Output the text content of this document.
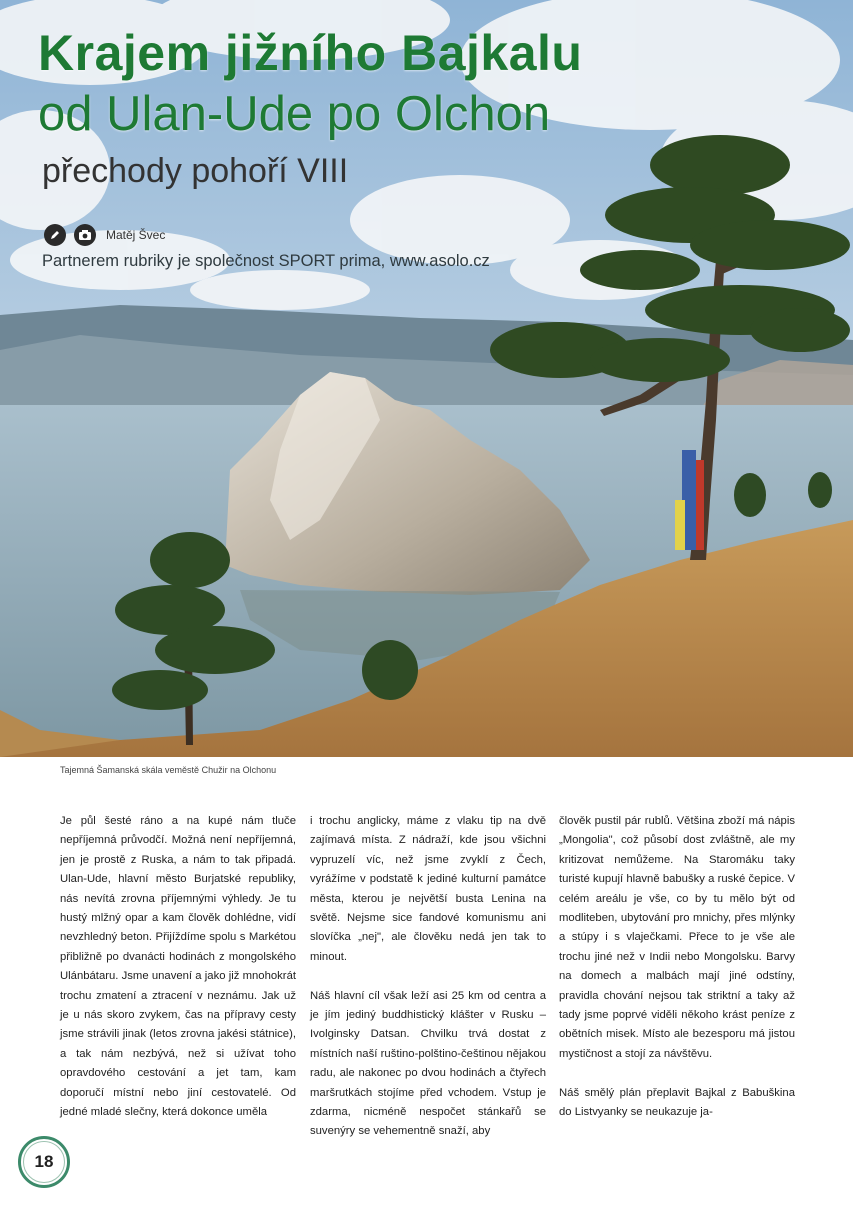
Krajem jižního Bajkalu
od Ulan-Ude po Olchon
přechody pohoří VIII
Matěj Švec
Partnerem rubriky je společnost SPORT prima, www.asolo.cz
Tajemná Šamanská skála veměstě Chužir na Olchonu

Je půl šesté ráno a na kupé nám tluče nepříjemná průvodčí. Možná není nepříjemná, jen je prostě z Ruska, a nám to tak připadá. Ulan-Ude, hlavní město Burjatské republiky, nás nevítá zrovna příjemnými výhledy. Je tu hustý mlžný opar a kam člověk dohlédne, vidí nevzhledný beton. Přijíždíme spolu s Markétou přibližně po dvanácti hodinách z mongolského Ulánbátaru. Jsme unavení a jako již mnohokrát trochu zmatení a ztracení v neznámu. Jak už je u nás skoro zvykem, čas na přípravy cesty jsme strávili jinak (letos zrovna jakési státnice), a tak nám nezbývá, než si užívat toho opravdového cestování a jet tam, kam doporučí místní nebo jiní cestovatelé. Od jedné mladé slečny, která dokonce uměla

i trochu anglicky, máme z vlaku tip na dvě zajímavá místa. Z nádraží, kde jsou všichni vypruzelí víc, než jsme zvyklí z Čech, vyrážíme v podstatě k jediné kulturní památce města, kterou je největší busta Lenina na světě. Nejsme sice fandové komunismu ani slovíčka „nej", ale člověku nedá jen tak to minout.

Náš hlavní cíl však leží asi 25 km od centra a je jím jediný buddhistický klášter v Rusku – Ivolginsky Datsan. Chvilku trvá dostat z místních naší ruštino-polštino-češtinou nějakou radu, ale nakonec po dvou hodinách a čtyřech maršrutkách stojíme před vchodem. Vstup je zdarma, nicméně nespočet stánkařů se suvenýry se vehementně snaží, aby

člověk pustil pár rublů. Většina zboží má nápis „Mongolia", což působí dost zvláštně, ale my kritizovat nemůžeme. Na Staromáku taky turisté kupují hlavně babušky a ruské čepice. V celém areálu je vše, co by tu mělo být od modliteben, ubytování pro mnichy, přes mlýnky a stúpy i s vlaječkami. Přece to je vše ale trochu jiné než v Indii nebo Mongolsku. Barvy na domech a malbách mají jiné odstíny, pravidla chování nejsou tak striktní a taky až tady jsme poprvé viděli někoho krást peníze z obětních misek. Místo ale bezesporu má jistou mystičnost a stojí za návštěvu.

Náš smělý plán přeplavit Bajkal z Babuškina do Listvyanky se neukazuje ja-

18
